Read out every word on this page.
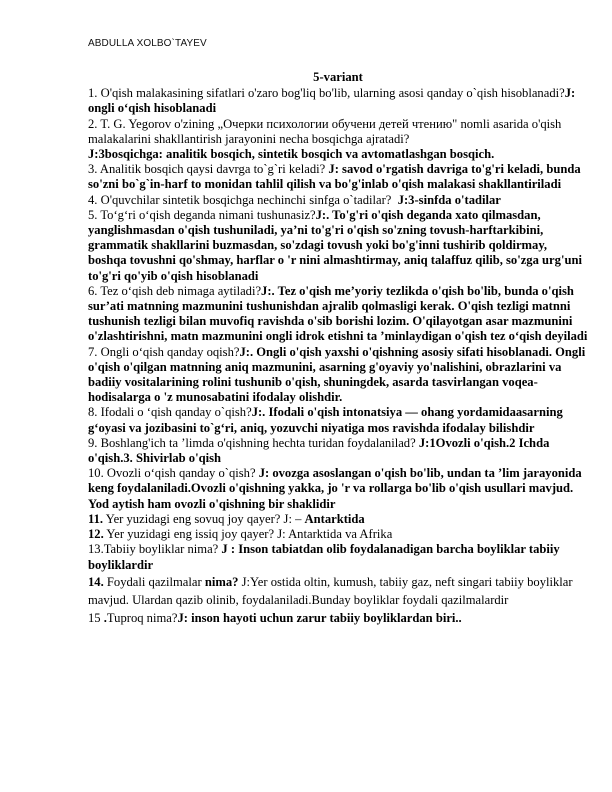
ABDULLA XOLBO`TAYEV
5-variant

1. O'qish malakasining sifatlari o'zaro bog'liq bo'lib, ularning asosi qanday o`qish hisoblanadi?J: ongli o‘qish hisoblanadi

2. T. G. Yegorov o'zining „Очерки психологии обучени детей чтению" nomli asarida o'qish malakalarini shakllantirish jarayonini necha bosqichga ajratadi?
J:3bosqichga: analitik bosqich, sintetik bosqich va avtomatlashgan bosqich.

3. Analitik bosqich qaysi davrga to`g`ri keladi? J: savod o'rgatish davriga to'g'ri keladi, bunda so'zni bo`g`in-harf to monidan tahlil qilish va bo'g'inlab o'qish malakasi shakllantiriladi

4. O'quvchilar sintetik bosqichga nechinchi sinfga o`tadilar? J:3-sinfda o'tadilar

5. To‘g‘ri o‘qish deganda nimani tushunasiz?J:. To'g'ri o'qish deganda xato qilmasdan, yanglishmasdan o'qish tushuniladi, ya’ni to'g'ri o'qish so'zning tovush-harftarkibini, grammatik shakllarini buzmasdan, so'zdagi tovush yoki bo'g'inni tushirib qoldirmay, boshqa tovushni qo'shmay, harflar o 'r nini almashtirmay, aniq talaffuz qilib, so'zga urg'uni to'g'ri qo'yib o'qish hisoblanadi

6. Tez o‘qish deb nimaga aytiladi?J:. Tez o'qish me’yoriy tezlikda o'qish bo'lib, bunda o'qish sur’ati matnning mazmunini tushunishdan ajralib qolmasligi kerak. O'qish tezligi matnni tushunish tezligi bilan muvofiq ravishda o'sib borishi lozim. O'qilayotgan asar mazmunini o'zlashtirishni, matn mazmunini ongli idrok etishni ta ’minlaydigan o'qish tez o‘qish deyiladi

7. Ongli o‘qish qanday oqish?J:. Ongli o'qish yaxshi o'qishning asosiy sifati hisoblanadi. Ongli o'qish o'qilgan matnning aniq mazmunini, asarning g'oyaviy yo'nalishini, obrazlarini va badiiy vositalarining rolini tushunib o'qish, shuningdek, asarda tasvirlangan voqea-hodisalarga o 'z munosabatini ifodalay olishdir.

8. Ifodali o ‘qish qanday o`qish?J:. Ifodali o'qish intonatsiya — ohang yordamidaasarning g‘oyasi va jozibasini to`g‘ri, aniq, yozuvchi niyatiga mos ravishda ifodalay bilishdir

9. Boshlang'ich ta ’limda o'qishning hechta turidan foydalanilad? J:1Ovozli o'qish.2 Ichda o'qish.3. Shivirlab o'qish

10. Ovozli o‘qish qanday o`qish? J: ovozga asoslangan o'qish bo'lib, undan ta ’lim jarayonida keng foydalaniladi.Ovozli o'qishning yakka, jo 'r va rollarga bo'lib o'qish usullari mavjud. Yod aytish ham ovozli o'qishning bir shaklidir

11. Yer yuzidagi eng sovuq joy qayer? J: – Antarktida

12. Yer yuzidagi eng issiq joy qayer? J: Antarktida va Afrika

13.Tabiiy boyliklar nima? J : Inson tabiatdan olib foydalanadigan barcha boyliklar tabiiy boyliklardir

14. Foydali qazilmalar nima? J:Yer ostida oltin, kumush, tabiiy gaz, neft singari tabiiy boyliklar mavjud. Ulardan qazib olinib, foydalaniladi.Bunday boyliklar foydali qazilmalardir

15 .Tuproq nima?J: inson hayoti uchun zarur tabiiy boyliklardan biri..
